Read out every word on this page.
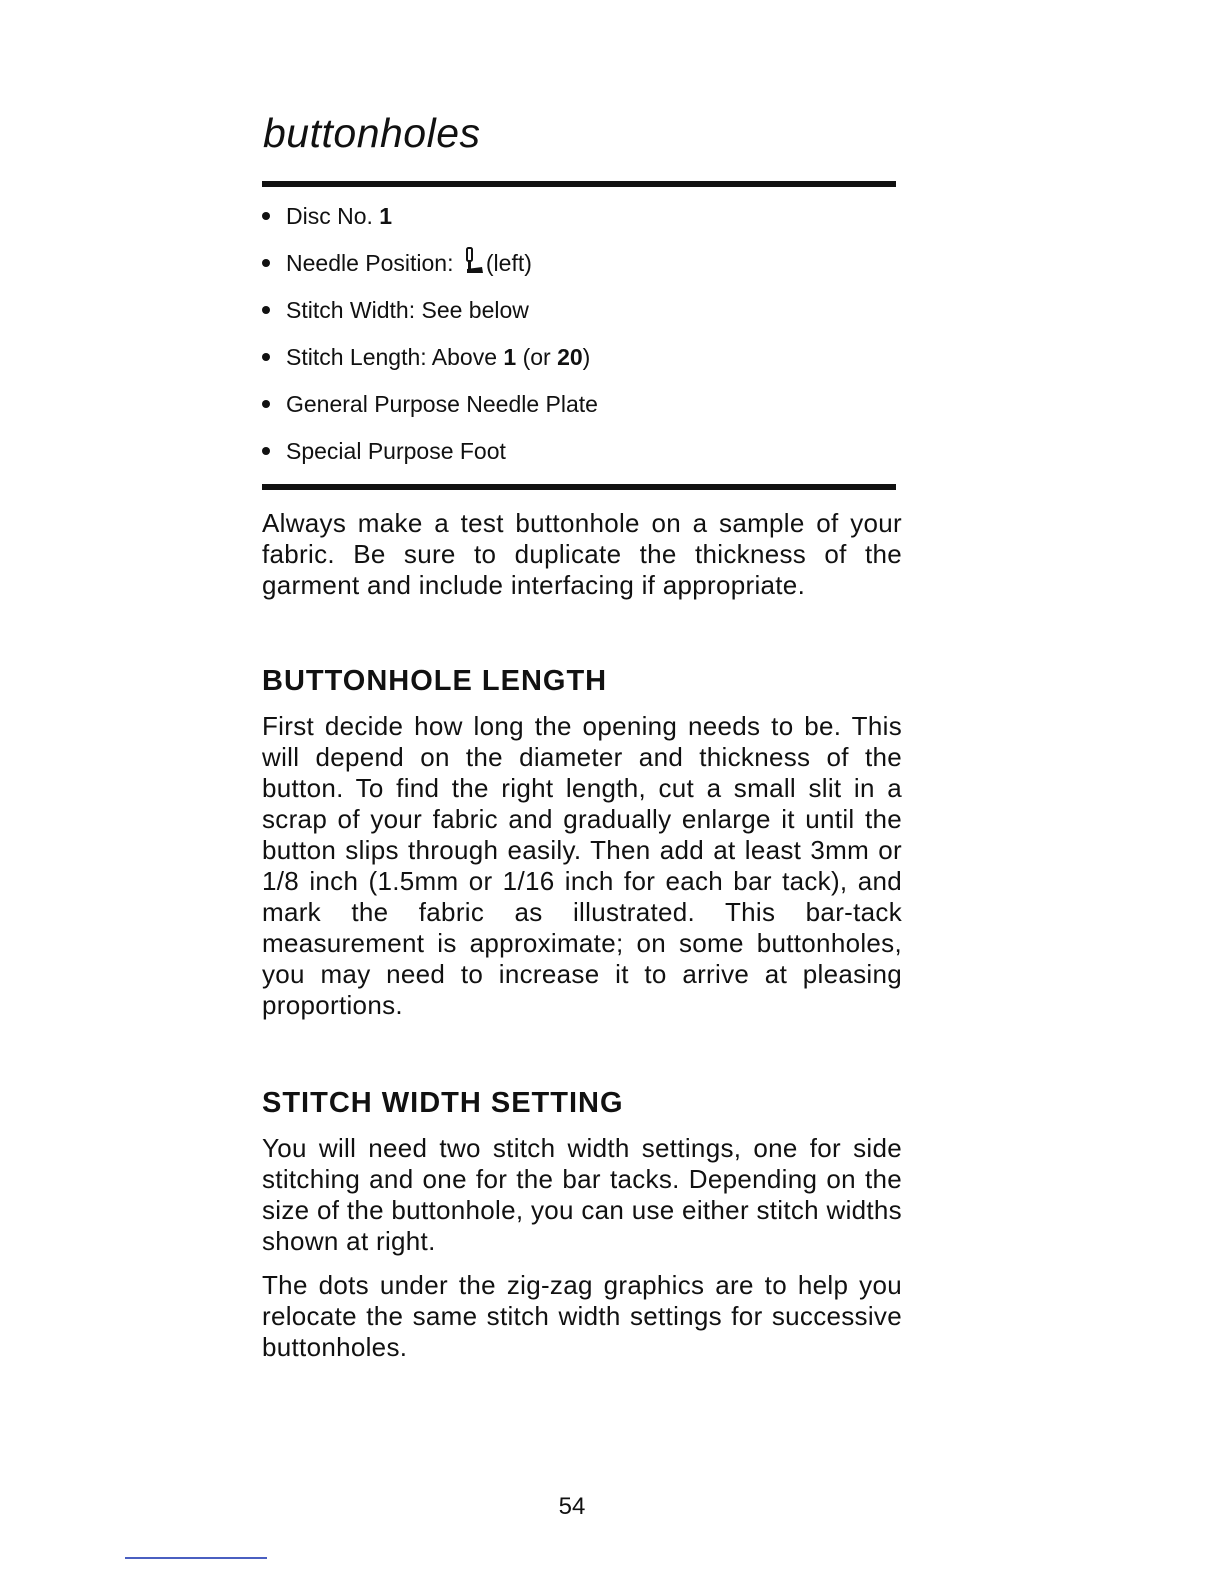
buttonholes
Disc No. 1
Needle Position: (left)
Stitch Width: See below
Stitch Length: Above 1 (or 20)
General Purpose Needle Plate
Special Purpose Foot

Always make a test buttonhole on a sample of your fabric. Be sure to duplicate the thickness of the garment and include interfacing if appropriate.

BUTTONHOLE LENGTH

First decide how long the opening needs to be. This will depend on the diameter and thickness of the button. To find the right length, cut a small slit in a scrap of your fabric and gradually enlarge it until the button slips through easily. Then add at least 3mm or 1/8 inch (1.5mm or 1/16 inch for each bar tack), and mark the fabric as illustrated. This bar-tack measurement is approximate; on some buttonholes, you may need to increase it to arrive at pleasing proportions.

STITCH WIDTH SETTING

You will need two stitch width settings, one for side stitching and one for the bar tacks. Depending on the size of the buttonhole, you can use either stitch widths shown at right.

The dots under the zig-zag graphics are to help you relocate the same stitch width settings for successive buttonholes.

54
